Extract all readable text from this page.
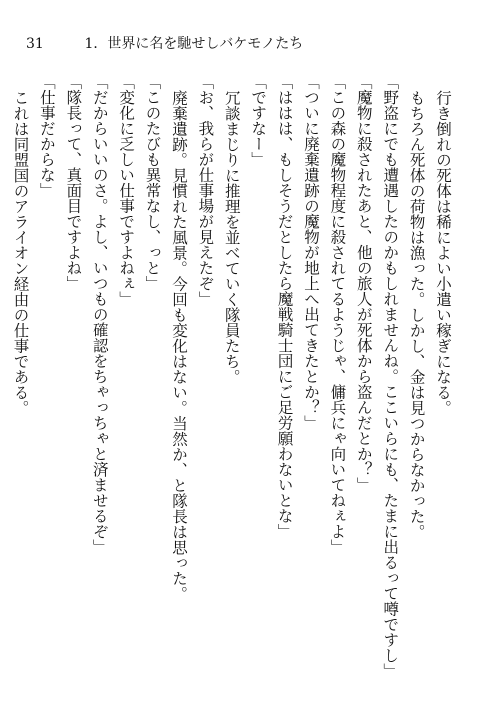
31	1．世界に名を馳せしバケモノたち
行き倒れの死体は稀によい小遣い稼ぎになる。
もちろん死体の荷物は漁った。しかし、金は見つからなかった。
「野盗にでも遭遇したのかもしれませんね。ここいらにも、たまに出るって噂ですし」
「魔物に殺されたあと、他の旅人が死体から盗んだとか？」
「この森の魔物程度に殺されてるようじゃ、傭兵にゃ向いてねぇよ」
「ついに廃棄遺跡の魔物が地上へ出てきたとか？」
「ははは、もしそうだとしたら魔戦騎士団にご足労願わないとな」
「ですなー」
冗談まじりに推理を並べていく隊員たち。
「お、我らが仕事場が見えたぞ」
廃棄遺跡。見慣れた風景。今回も変化はない。当然か、と隊長は思った。
「このたびも異常なし、っと」
「変化に乏しい仕事ですよねぇ」
「だからいいのさ。よし、いつもの確認をちゃっちゃと済ませるぞ」
「隊長って、真面目ですよね」
「仕事だからな」
これは同盟国のアライオン経由の仕事である。
